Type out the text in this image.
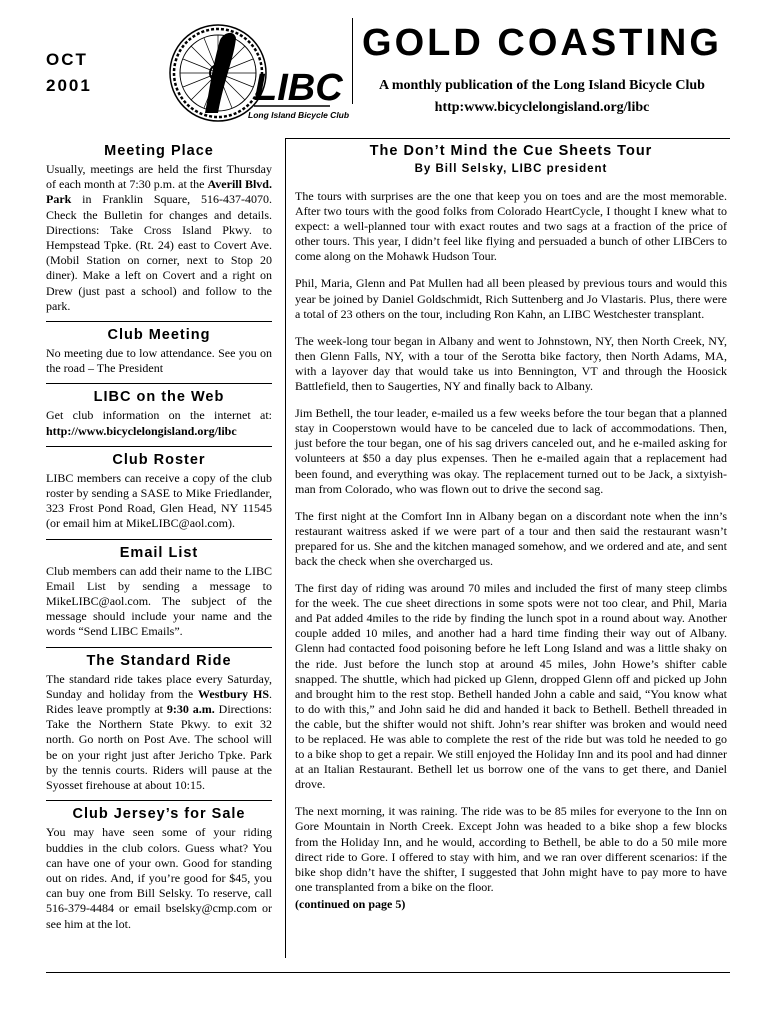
OCT
2001	LIBC
Long Island Bicycle Club
GOLD COASTING
A monthly publication of the Long Island Bicycle Club
http:www.bicyclelongisland.org/libc
Meeting Place

Usually, meetings are held the first Thursday of each month at 7:30 p.m. at the Averill Blvd. Park in Franklin Square, 516-437-4070. Check the Bulletin for changes and details. Directions: Take Cross Island Pkwy. to Hempstead Tpke. (Rt. 24) east to Covert Ave. (Mobil Station on corner, next to Stop 20 diner). Make a left on Covert and a right on Drew (just past a school) and follow to the park.

Club Meeting

No meeting due to low attendance. See you on the road – The President

LIBC on the Web

Get club information on the internet at: http://www.bicyclelongisland.org/libc

Club Roster

LIBC members can receive a copy of the club roster by sending a SASE to Mike Friedlander, 323 Frost Pond Road, Glen Head, NY 11545 (or email him at MikeLIBC@aol.com).

Email List

Club members can add their name to the LIBC Email List by sending a message to MikeLIBC@aol.com. The subject of the message should include your name and the words “Send LIBC Emails”.

The Standard Ride

The standard ride takes place every Saturday, Sunday and holiday from the Westbury HS. Rides leave promptly at 9:30 a.m. Directions: Take the Northern State Pkwy. to exit 32 north. Go north on Post Ave. The school will be on your right just after Jericho Tpke. Park by the tennis courts. Riders will pause at the Syosset firehouse at about 10:15.

Club Jersey’s for Sale

You may have seen some of your riding buddies in the club colors. Guess what? You can have one of your own. Good for standing out on rides. And, if you’re good for $45, you can buy one from Bill Selsky. To reserve, call 516-379-4484 or email bselsky@cmp.com or see him at the lot.

The Don’t Mind the Cue Sheets Tour
By Bill Selsky, LIBC president

The tours with surprises are the one that keep you on toes and are the most memorable. After two tours with the good folks from Colorado HeartCycle, I thought I knew what to expect: a well-planned tour with exact routes and two sags at a fraction of the price of other tours. This year, I didn’t feel like flying and persuaded a bunch of other LIBCers to come along on the Mohawk Hudson Tour.

Phil, Maria, Glenn and Pat Mullen had all been pleased by previous tours and would this year be joined by Daniel Goldschmidt, Rich Suttenberg and Jo Vlastaris. Plus, there were a total of 23 others on the tour, including Ron Kahn, an LIBC Westchester transplant.

The week-long tour began in Albany and went to Johnstown, NY, then North Creek, NY, then Glenn Falls, NY, with a tour of the Serotta bike factory, then North Adams, MA, with a layover day that would take us into Bennington, VT and through the Hoosick Battlefield, then to Saugerties, NY and finally back to Albany.

Jim Bethell, the tour leader, e-mailed us a few weeks before the tour began that a planned stay in Cooperstown would have to be canceled due to lack of accommodations. Then, just before the tour began, one of his sag drivers canceled out, and he e-mailed asking for volunteers at $50 a day plus expenses. Then he e-mailed again that a replacement had been found, and everything was okay. The replacement turned out to be Jack, a sixtyish-man from Colorado, who was flown out to drive the second sag.

The first night at the Comfort Inn in Albany began on a discordant note when the inn’s restaurant waitress asked if we were part of a tour and then said the restaurant wasn’t prepared for us. She and the kitchen managed somehow, and we ordered and ate, and sent back the check when she overcharged us.

The first day of riding was around 70 miles and included the first of many steep climbs for the week. The cue sheet directions in some spots were not too clear, and Phil, Maria and Pat added 4miles to the ride by finding the lunch spot in a round about way. Another couple added 10 miles, and another had a hard time finding their way out of Albany. Glenn had contacted food poisoning before he left Long Island and was a little shaky on the ride. Just before the lunch stop at around 45 miles, John Howe’s shifter cable snapped. The shuttle, which had picked up Glenn, dropped Glenn off and picked up John and brought him to the rest stop. Bethell handed John a cable and said, “You know what to do with this,” and John said he did and handed it back to Bethell. Bethell threaded in the cable, but the shifter would not shift. John’s rear shifter was broken and would need to be replaced. He was able to complete the rest of the ride but was told he needed to go to a bike shop to get a repair. We still enjoyed the Holiday Inn and its pool and had dinner at an Italian Restaurant. Bethell let us borrow one of the vans to get there, and Daniel drove.

The next morning, it was raining. The ride was to be 85 miles for everyone to the Inn on Gore Mountain in North Creek. Except John was headed to a bike shop a few blocks from the Holiday Inn, and he would, according to Bethell, be able to do a 50 mile more direct ride to Gore. I offered to stay with him, and we ran over different scenarios: if the bike shop didn’t have the shifter, I suggested that John might have to pay more to have one transplanted from a bike on the floor.

(continued on page 5)
